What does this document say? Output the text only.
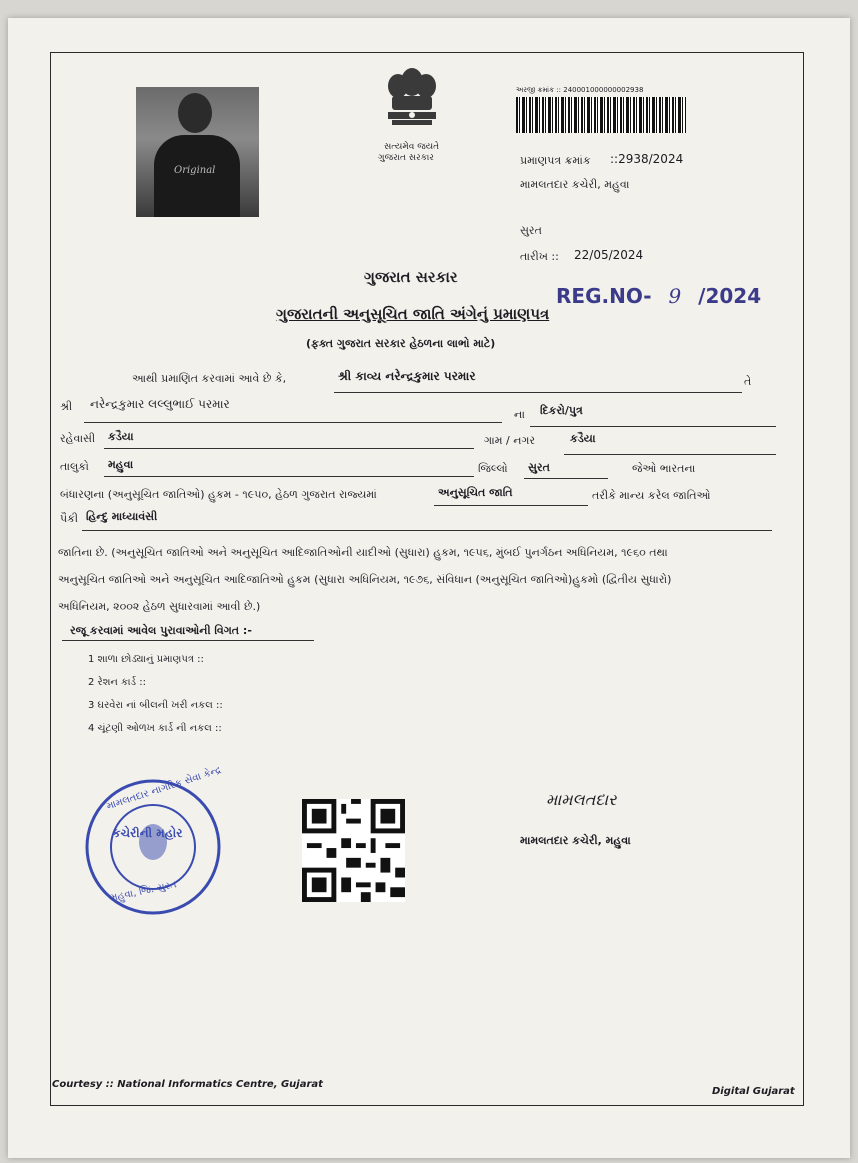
Original
સત્યમેવ જયતે
ગુજરાત સરકાર
અરજી ક્રમાંક :: 240001000000002938
પ્રમાણપત્ર ક્રમાંક ::2938/2024
મામલતદાર કચેરી, મહુવા
સુરત
તારીખ :: 22/05/2024
ગુજરાત સરકાર
ગુજરાતની અનુસૂચિત જાતિ અંગેનું પ્રમાણપત્ર
(ફક્ત ગુજરાત સરકાર હેઠળના લાભો માટે)
REG.NO- 9 /2024
આથી પ્રમાણિત કરવામાં આવે છે કે,	શ્રી કાવ્ય નરેન્દ્રકુમાર પરમાર	તે
શ્રી નરેન્દ્રકુમાર લલ્લુભાઈ પરમાર
ના દિકરો/પુત્ર
રહેવાસી કડૈયા	ગામ / નગર	કડૈયા
તાલુકો મહુવા	જિલ્લો સુરત	જેઓ ભારતના
બંધારણના (અનુસૂચિત જાતિઓ) હુકમ - ૧૯૫૦, હેઠળ ગુજરાત રાજ્યમાં	અનુસૂચિત જાતિ	તરીકે માન્ય કરેલ જાતિઓ
પૈકી હિન્દુ માધ્યાવંસી
જાતિના છે. (અનુસૂચિત જાતિઓ અને અનુસૂચિત આદિજાતિઓની યાદીઓ (સુધારા) હુકમ, ૧૯૫૬, મુંબઈ પુનર્ગઠન અધિનિયમ, ૧૯૬૦ તથા
અનુસૂચિત જાતિઓ અને અનુસૂચિત આદિજાતિઓ હુકમ (સુધારા અધિનિયમ, ૧૯૭૬, સંવિધાન (અનુસૂચિત જાતિઓ)હુકમો (દ્વિતીય સુધારો)
અધિનિયમ, ૨૦૦૨ હેઠળ સુધારવામાં આવી છે.)
રજૂ કરવામાં આવેલ પુરાવાઓની વિગત :-
1 શાળા છોડ્યાનું પ્રમાણપત્ર ::
2 રેશન કાર્ડ ::
3 ઘરવેરા નાં બીલની ખરી નકલ ::
4 ચૂંટણી ઓળખ કાર્ડ ની નકલ ::
મામલતદાર નાગરિક સેવા કેન્દ્ર
કચેરીની મહોર
મહુવા, જિ. સુરત
મામલતદાર
મામલતદાર કચેરી, મહુવા
Courtesy :: National Informatics Centre, Gujarat
Digital Gujarat
